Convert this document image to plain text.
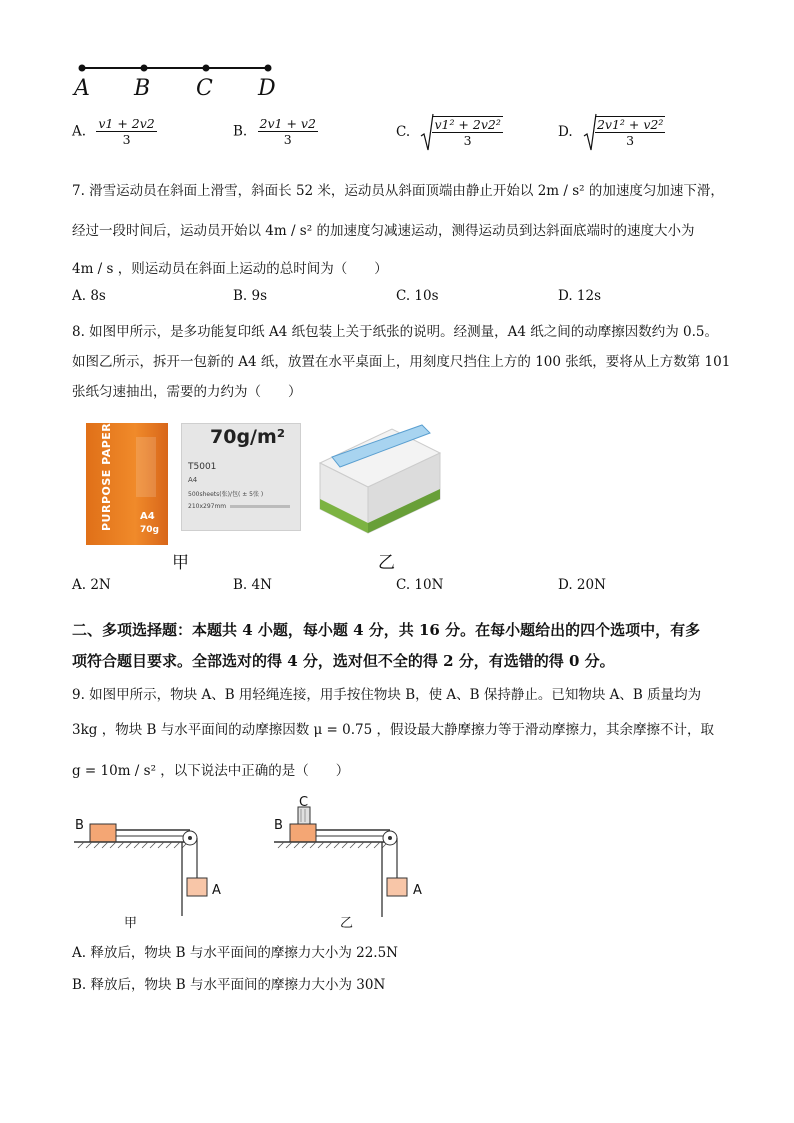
A B C D
A. $\frac{v1 + 2v2}{3}$	B. $\frac{2v1 + v2}{3}$	C. $\frac{\text{v1² + 2v2²}}{3}$	D. $\frac{\text{2v1² + v2²}}{3}$
7. 滑雪运动员在斜面上滑雪，斜面长 52 米，运动员从斜面顶端由静止开始以 2m / s² 的加速度匀加速下滑，
经过一段时间后，运动员开始以 4m / s² 的加速度匀减速运动，测得运动员到达斜面底端时的速度大小为
4m / s ，则运动员在斜面上运动的总时间为（　　）
A. 8s	B. 9s	C. 10s	D. 12s
8. 如图甲所示，是多功能复印纸 A4 纸包装上关于纸张的说明。经测量，A4 纸之间的动摩擦因数约为 0.5。
如图乙所示，拆开一包新的 A4 纸，放置在水平桌面上，用刻度尺挡住上方的 100 张纸，要将从上方数第 101
张纸匀速抽出，需要的力约为（　　）
PURPOSE PAPER	A4
70g
70g/m²
T5001
A4
500sheets(张)/包( ± 5张 )
210x297mm
甲	乙
A. 2N	B. 4N	C. 10N	D. 20N
二、多项选择题：本题共 4 小题，每小题 4 分，共 16 分。在每小题给出的四个选项中，有多
项符合题目要求。全部选对的得 4 分，选对但不全的得 2 分，有选错的得 0 分。
9. 如图甲所示，物块 A、B 用轻绳连接，用手按住物块 B，使 A、B 保持静止。已知物块 A、B 质量均为
3kg ，物块 B 与水平面间的动摩擦因数 μ = 0.75 ，假设最大静摩擦力等于滑动摩擦力，其余摩擦不计，取
g = 10m / s² ，以下说法中正确的是（　　）
B
A
甲
C
B
A
乙
A. 释放后，物块 B 与水平面间的摩擦力大小为 22.5N
B. 释放后，物块 B 与水平面间的摩擦力大小为 30N
